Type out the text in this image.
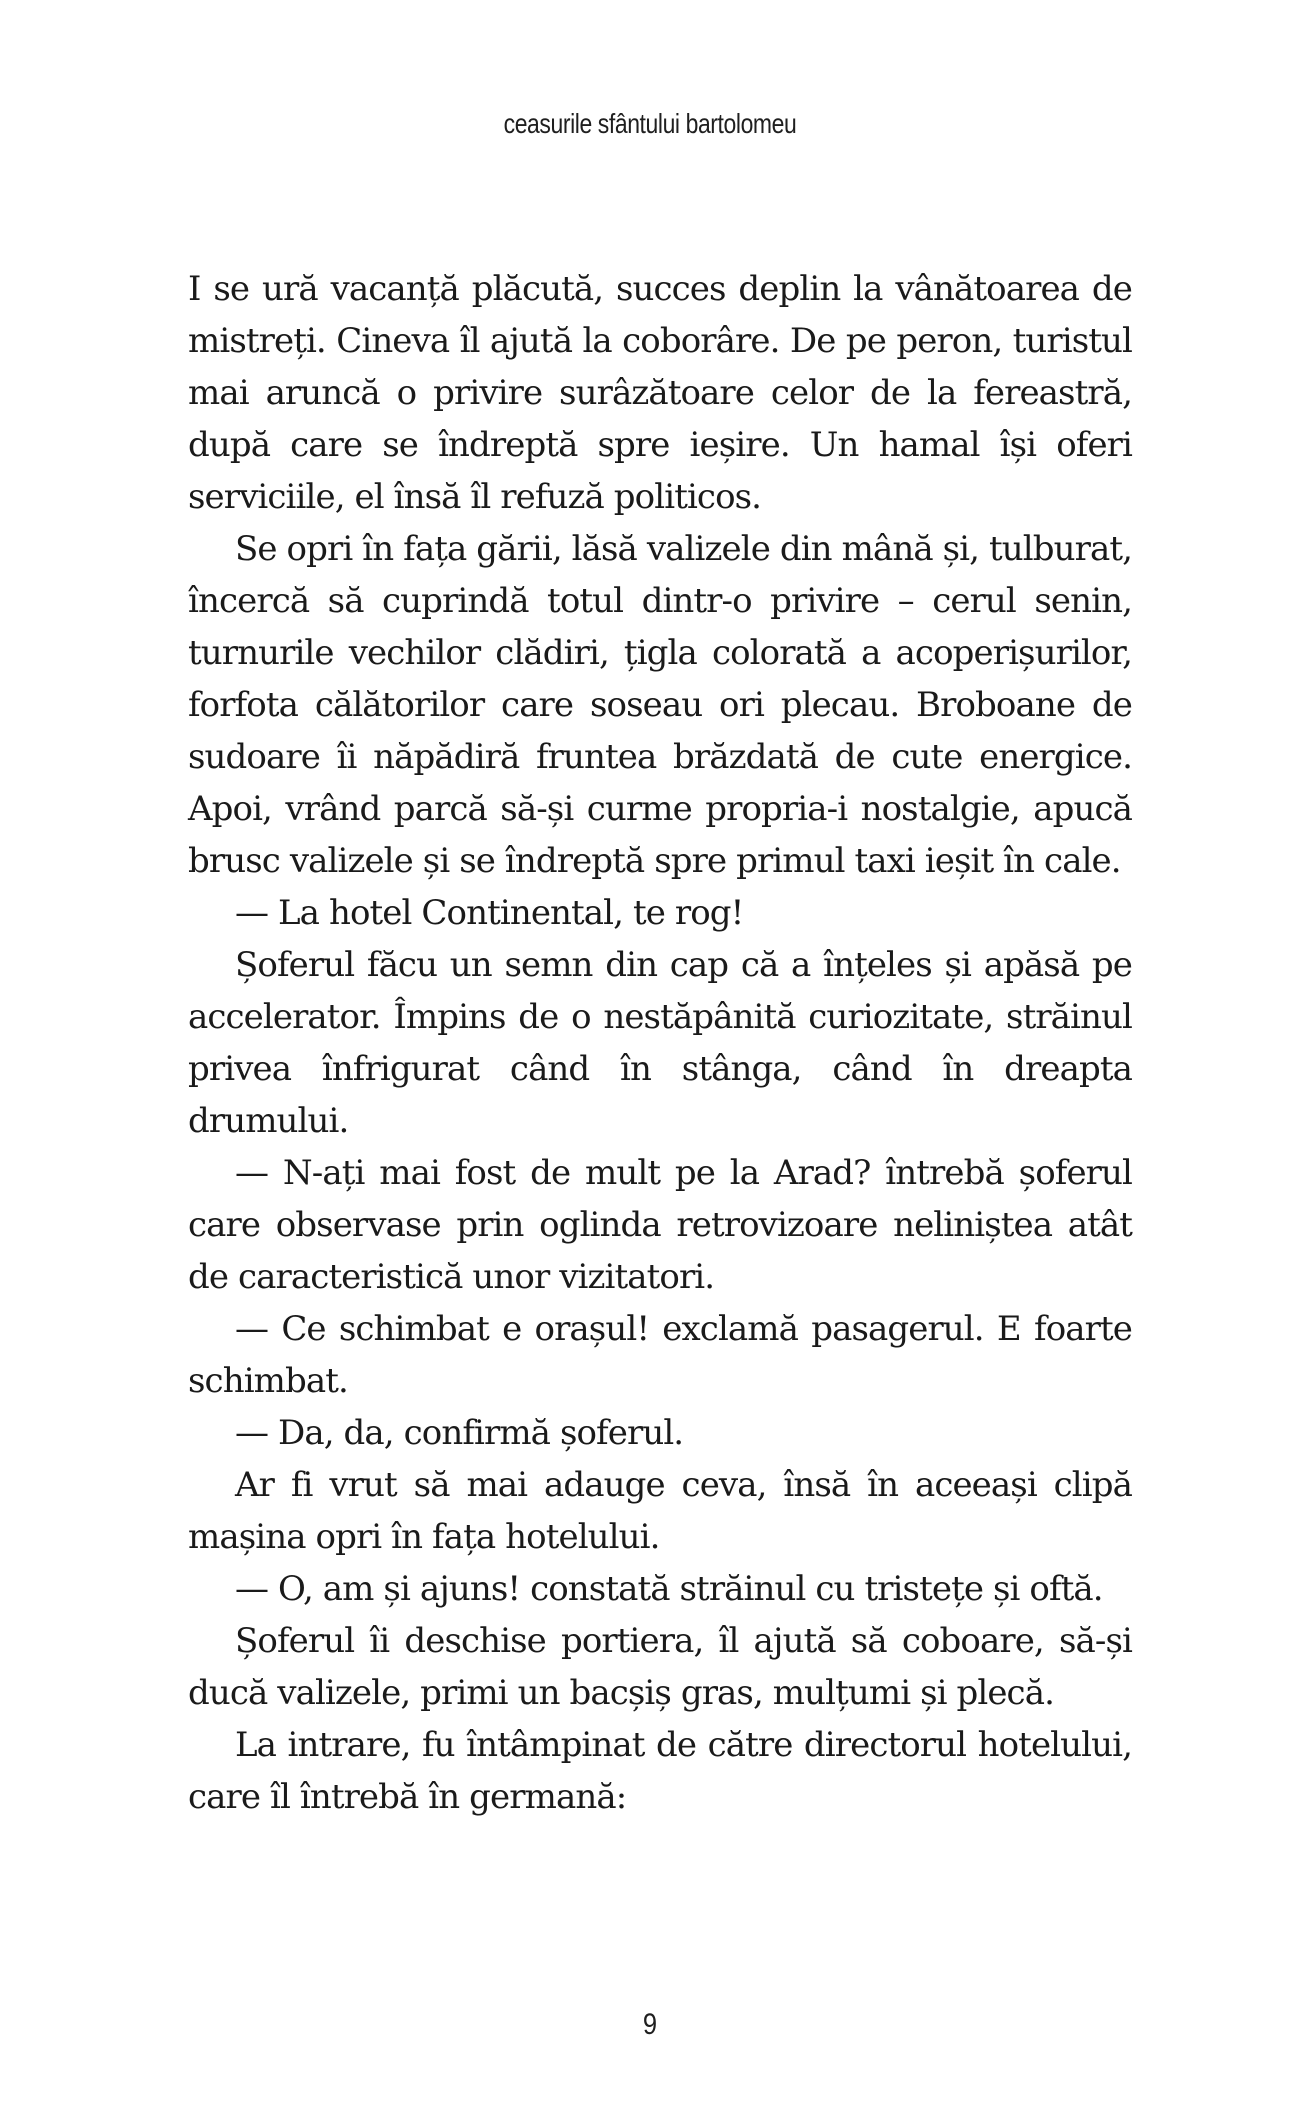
ceasurile sfântului bartolomeu

I se ură vacanță plăcută, succes deplin la vânătoarea de mistreți. Cineva îl ajută la coborâre. De pe peron, turistul mai aruncă o privire surâzătoare celor de la fereastră, după care se îndreptă spre ieșire. Un hamal își oferi serviciile, el însă îl refuză politicos.

Se opri în fața gării, lăsă valizele din mână și, tulburat, încercă să cuprindă totul dintr-o privire – cerul senin, turnurile vechilor clădiri, țigla colorată a acoperișurilor, forfota călătorilor care soseau ori plecau. Broboane de sudoare îi năpădiră fruntea brăzdată de cute energice. Apoi, vrând parcă să-și curme propria-i nostalgie, apucă brusc valizele și se îndreptă spre primul taxi ieșit în cale.

— La hotel Continental, te rog!

Șoferul făcu un semn din cap că a înțeles și apăsă pe accelerator. Împins de o nestăpânită curiozitate, străinul privea înfrigurat când în stânga, când în dreapta drumului.

— N-ați mai fost de mult pe la Arad? întrebă șoferul care observase prin oglinda retrovizoare neliniștea atât de caracteristică unor vizitatori.

— Ce schimbat e orașul! exclamă pasagerul. E foarte schimbat.

— Da, da, confirmă șoferul.

Ar fi vrut să mai adauge ceva, însă în aceeași clipă mașina opri în fața hotelului.

— O, am și ajuns! constată străinul cu tristețe și oftă.

Șoferul îi deschise portiera, îl ajută să coboare, să-și ducă valizele, primi un bacșiș gras, mulțumi și plecă.

La intrare, fu întâmpinat de către directorul hotelului, care îl întrebă în germană:

9
